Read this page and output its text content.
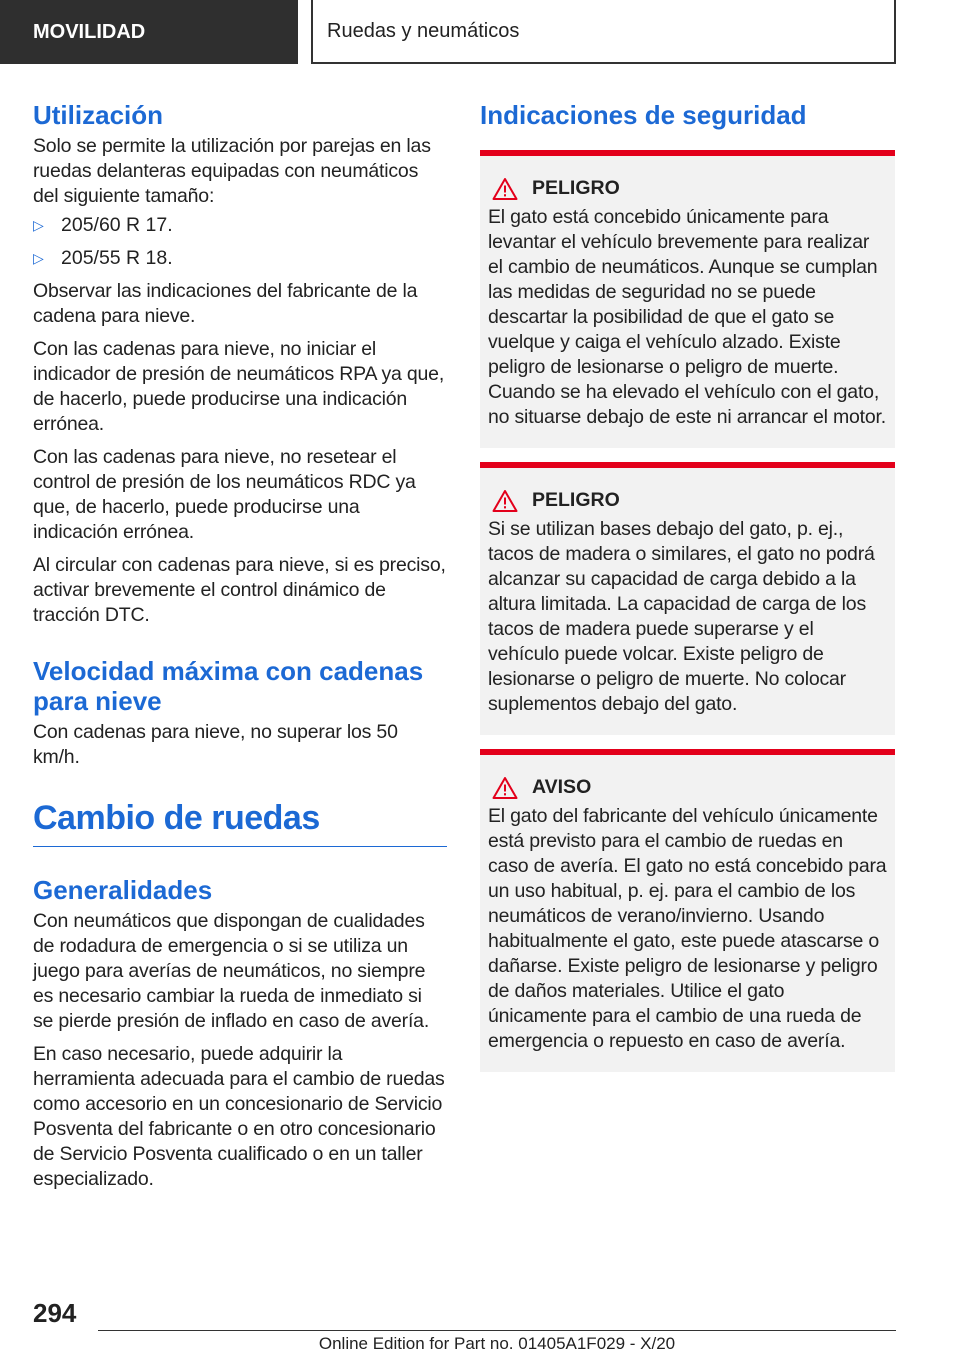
MOVILIDAD	Ruedas y neumáticos
Utilización

Solo se permite la utilización por parejas en las ruedas delanteras equipadas con neumáticos del siguiente tamaño:

▷ 205/60 R 17.
▷ 205/55 R 18.

Observar las indicaciones del fabricante de la cadena para nieve.

Con las cadenas para nieve, no iniciar el indicador de presión de neumáticos RPA ya que, de hacerlo, puede producirse una indicación errónea.

Con las cadenas para nieve, no resetear el control de presión de los neumáticos RDC ya que, de hacerlo, puede producirse una indicación errónea.

Al circular con cadenas para nieve, si es preciso, activar brevemente el control dinámico de tracción DTC.

Velocidad máxima con cadenas para nieve

Con cadenas para nieve, no superar los 50 km/h.

Cambio de ruedas
Generalidades

Con neumáticos que dispongan de cualidades de rodadura de emergencia o si se utiliza un juego para averías de neumáticos, no siempre es necesario cambiar la rueda de inmediato si se pierde presión de inflado en caso de avería.

En caso necesario, puede adquirir la herramienta adecuada para el cambio de ruedas como accesorio en un concesionario de Servicio Posventa del fabricante o en otro concesionario de Servicio Posventa cualificado o en un taller especializado.

Indicaciones de seguridad
PELIGRO

El gato está concebido únicamente para levantar el vehículo brevemente para realizar el cambio de neumáticos. Aunque se cumplan las medidas de seguridad no se puede descartar la posibilidad de que el gato se vuelque y caiga el vehículo alzado. Existe peligro de lesionarse o peligro de muerte. Cuando se ha elevado el vehículo con el gato, no situarse debajo de este ni arrancar el motor.

PELIGRO

Si se utilizan bases debajo del gato, p. ej., tacos de madera o similares, el gato no podrá alcanzar su capacidad de carga debido a la altura limitada. La capacidad de carga de los tacos de madera puede superarse y el vehículo puede volcar. Existe peligro de lesionarse o peligro de muerte. No colocar suplementos debajo del gato.

AVISO

El gato del fabricante del vehículo únicamente está previsto para el cambio de ruedas en caso de avería. El gato no está concebido para un uso habitual, p. ej. para el cambio de los neumáticos de verano/invierno. Usando habitualmente el gato, este puede atascarse o dañarse. Existe peligro de lesionarse y peligro de daños materiales. Utilice el gato únicamente para el cambio de una rueda de emergencia o repuesto en caso de avería.

294
Online Edition for Part no. 01405A1F029 - X/20
